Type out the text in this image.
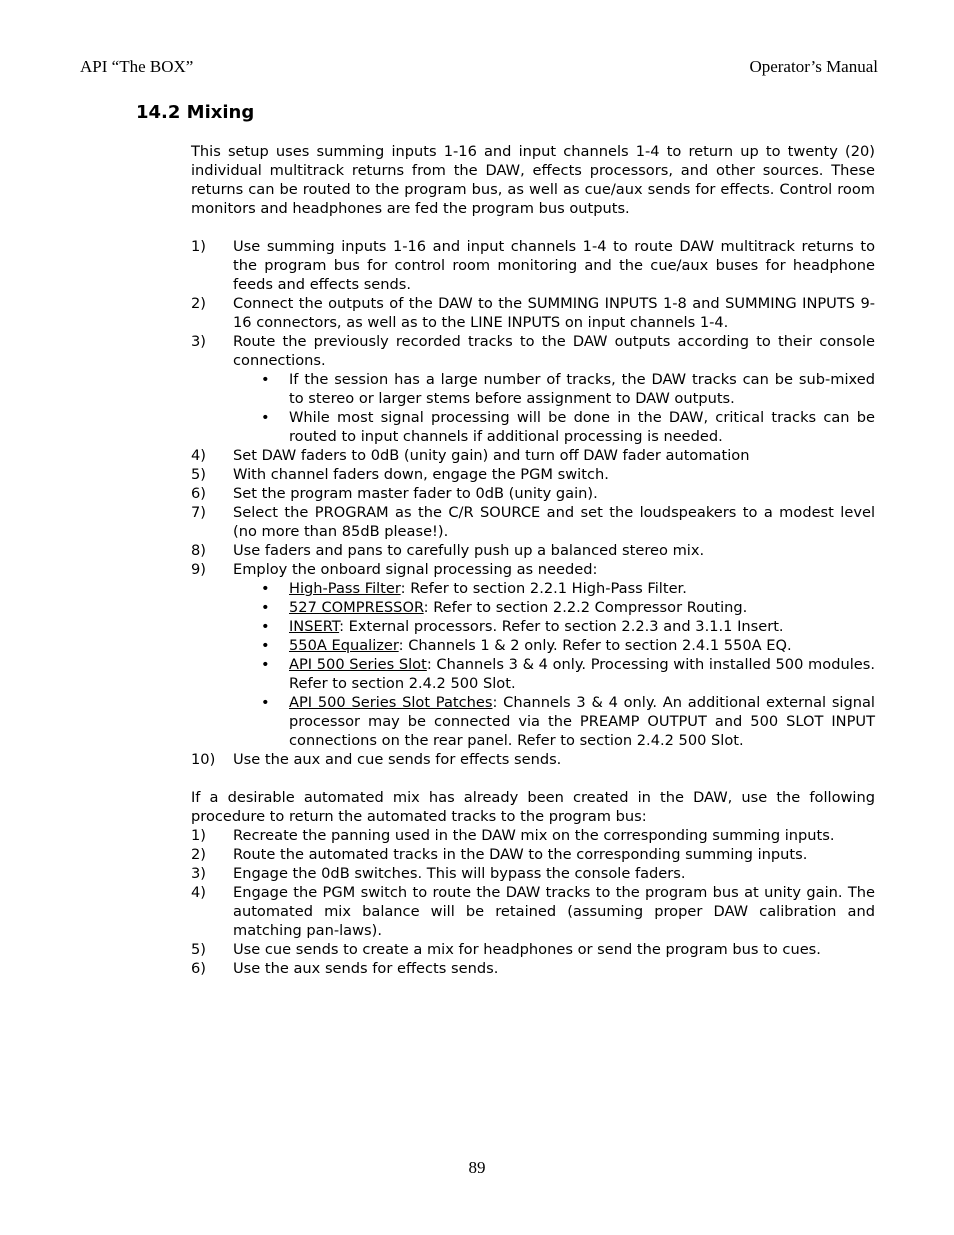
API “The BOX”	Operator’s Manual
14.2 Mixing

This setup uses summing inputs 1-16 and input channels 1-4 to return up to twenty (20) individual multitrack returns from the DAW, effects processors, and other sources. These returns can be routed to the program bus, as well as cue/aux sends for effects. Control room monitors and headphones are fed the program bus outputs.

1) Use summing inputs 1-16 and input channels 1-4 to route DAW multitrack returns to the program bus for control room monitoring and the cue/aux buses for headphone feeds and effects sends.

2) Connect the outputs of the DAW to the SUMMING INPUTS 1-8 and SUMMING INPUTS 9-16 connectors, as well as to the LINE INPUTS on input channels 1-4.

3) Route the previously recorded tracks to the DAW outputs according to their console connections.

• If the session has a large number of tracks, the DAW tracks can be sub-mixed to stereo or larger stems before assignment to DAW outputs.

• While most signal processing will be done in the DAW, critical tracks can be routed to input channels if additional processing is needed.

4) Set DAW faders to 0dB (unity gain) and turn off DAW fader automation

5) With channel faders down, engage the PGM switch.

6) Set the program master fader to 0dB (unity gain).

7) Select the PROGRAM as the C/R SOURCE and set the loudspeakers to a modest level (no more than 85dB please!).

8) Use faders and pans to carefully push up a balanced stereo mix.

9) Employ the onboard signal processing as needed:

• High-Pass Filter: Refer to section 2.2.1 High-Pass Filter.

• 527 COMPRESSOR: Refer to section 2.2.2 Compressor Routing.

• INSERT: External processors. Refer to section 2.2.3 and 3.1.1 Insert.

• 550A Equalizer: Channels 1 & 2 only. Refer to section 2.4.1 550A EQ.

• API 500 Series Slot: Channels 3 & 4 only. Processing with installed 500 modules. Refer to section 2.4.2 500 Slot.

• API 500 Series Slot Patches: Channels 3 & 4 only. An additional external signal processor may be connected via the PREAMP OUTPUT and 500 SLOT INPUT connections on the rear panel. Refer to section 2.4.2 500 Slot.

10) Use the aux and cue sends for effects sends.

If a desirable automated mix has already been created in the DAW, use the following procedure to return the automated tracks to the program bus:

1) Recreate the panning used in the DAW mix on the corresponding summing inputs.

2) Route the automated tracks in the DAW to the corresponding summing inputs.

3) Engage the 0dB switches. This will bypass the console faders.

4) Engage the PGM switch to route the DAW tracks to the program bus at unity gain. The automated mix balance will be retained (assuming proper DAW calibration and matching pan-laws).

5) Use cue sends to create a mix for headphones or send the program bus to cues.

6) Use the aux sends for effects sends.

89
